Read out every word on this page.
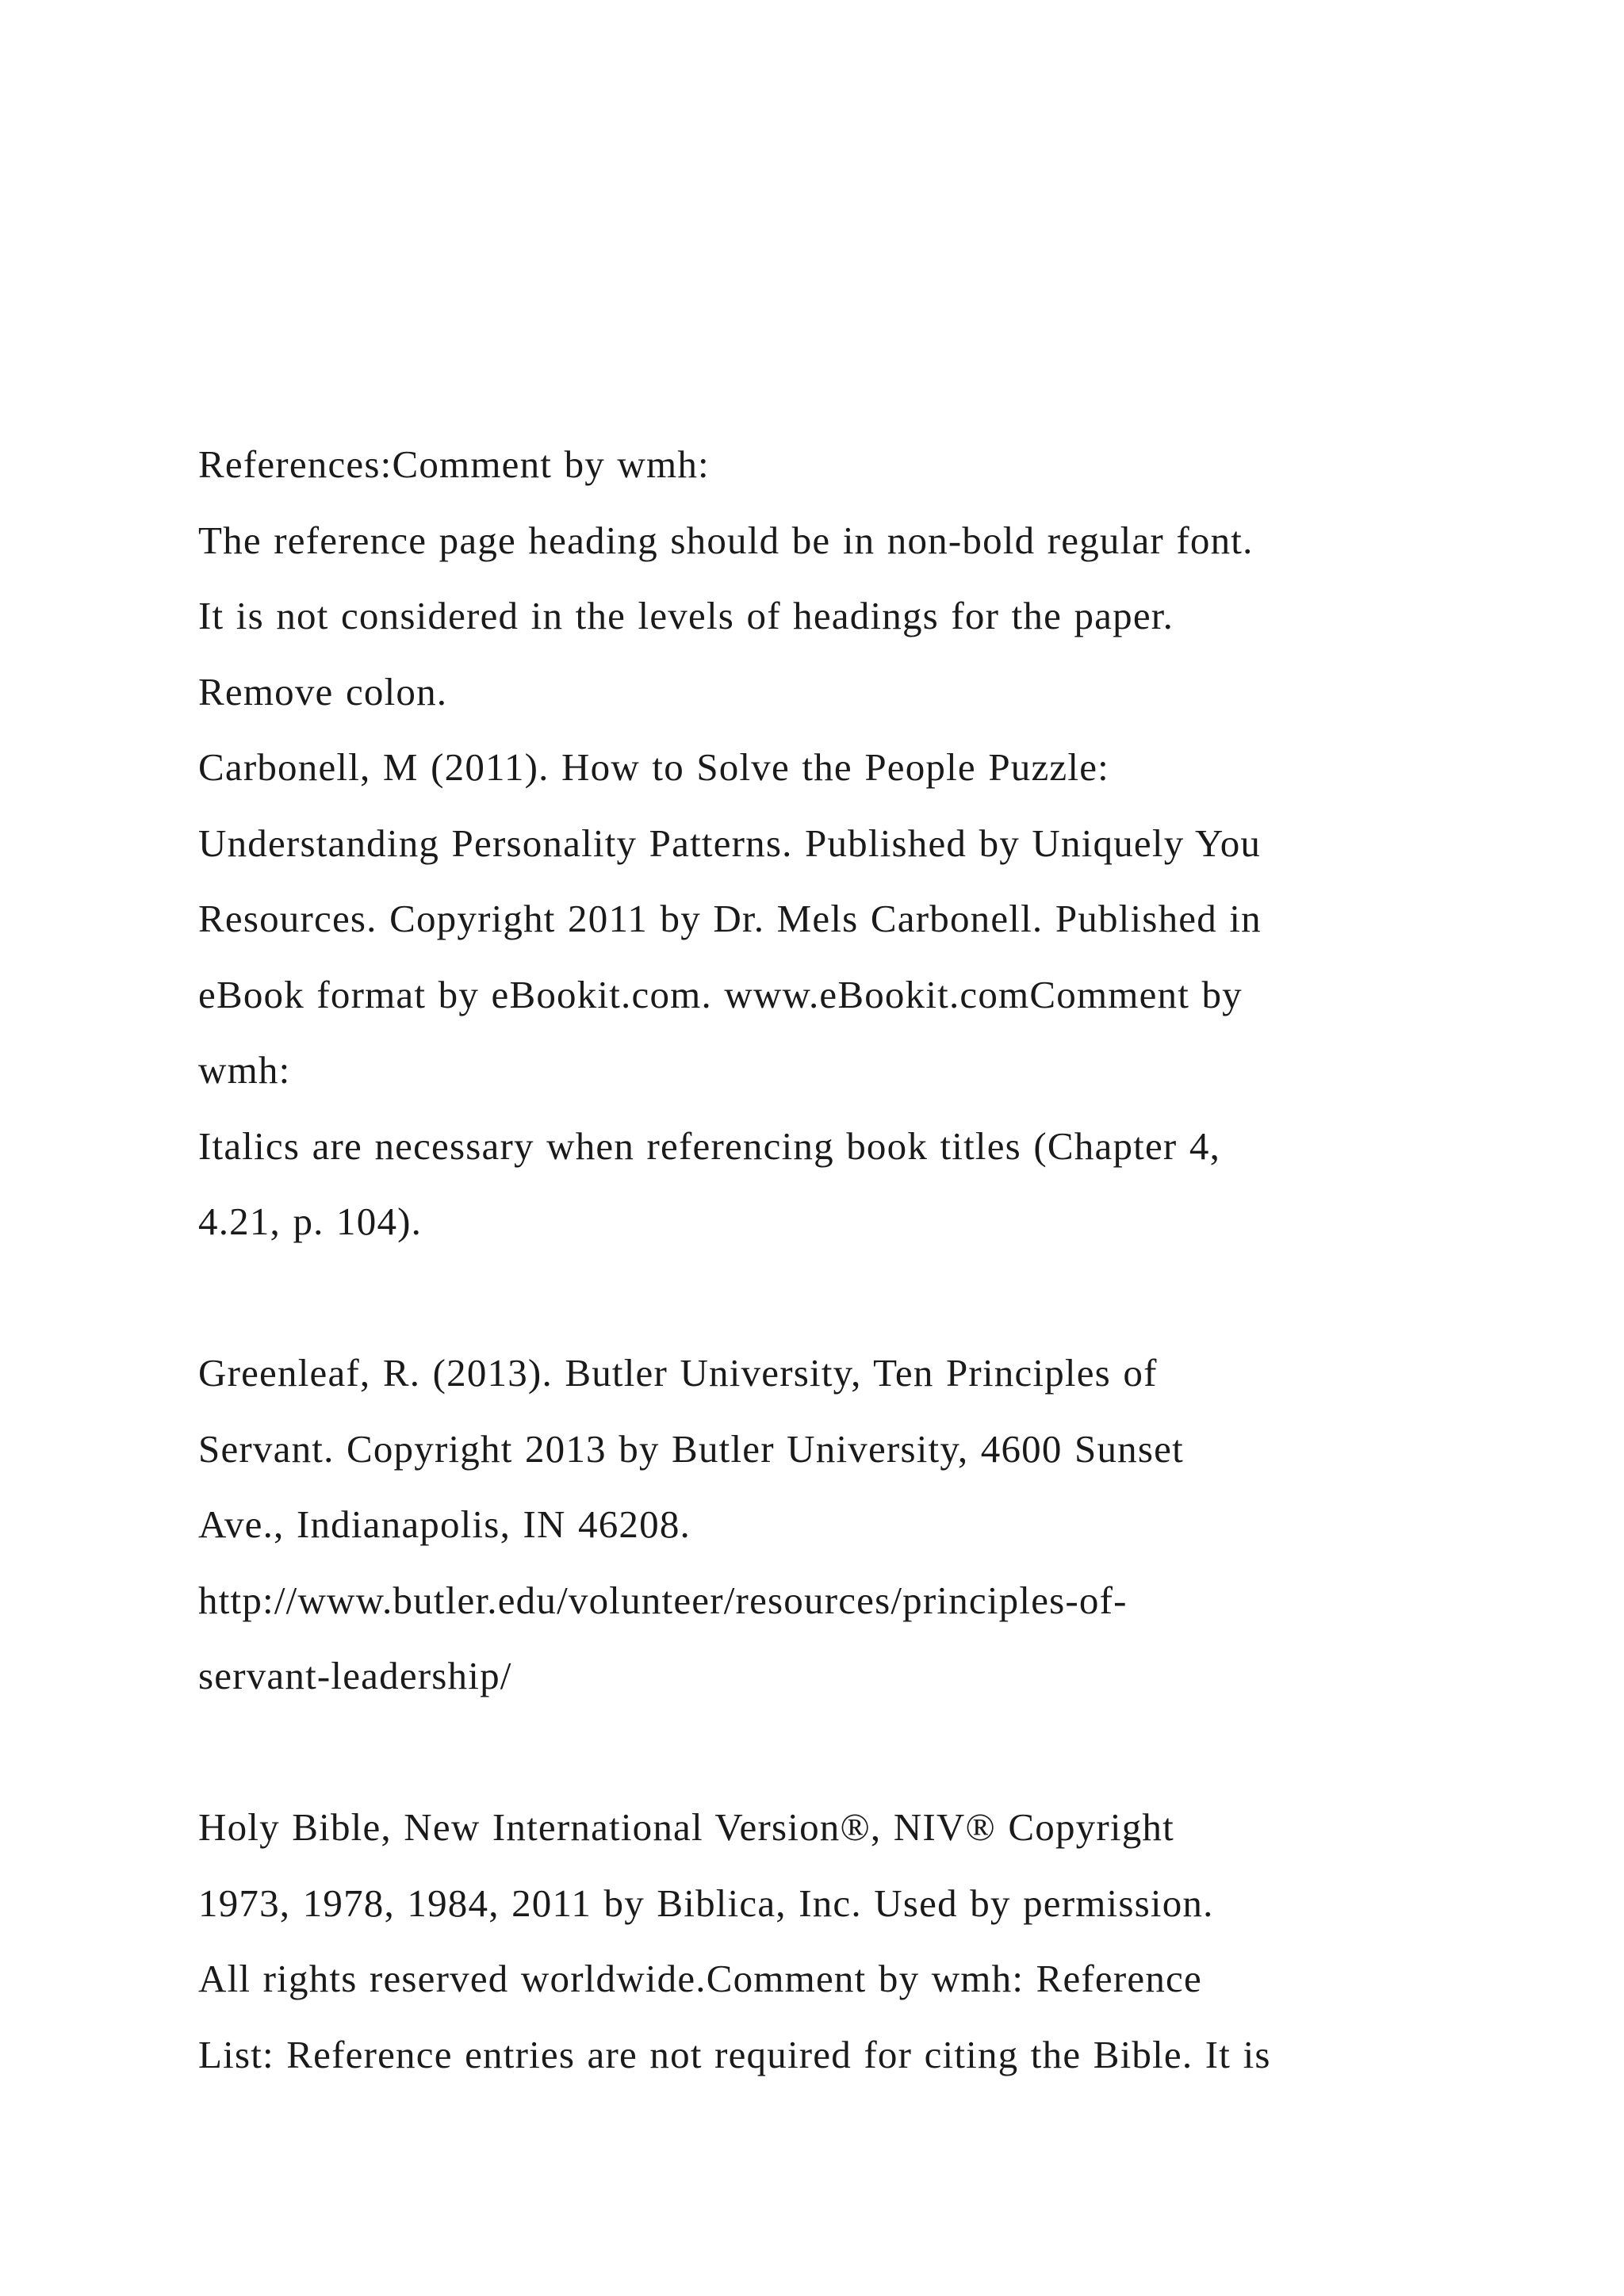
References:Comment by wmh:
The reference page heading should be in non-bold regular font.
It is not considered in the levels of headings for the paper.
Remove colon.
Carbonell, M (2011). How to Solve the People Puzzle:
Understanding Personality Patterns. Published by Uniquely You
Resources. Copyright 2011 by Dr. Mels Carbonell. Published in
eBook format by eBookit.com. www.eBookit.comComment by
wmh:
Italics are necessary when referencing book titles (Chapter 4,
4.21, p. 104).
Greenleaf, R. (2013). Butler University, Ten Principles of
Servant. Copyright 2013 by Butler University, 4600 Sunset
Ave., Indianapolis, IN 46208.
http://www.butler.edu/volunteer/resources/principles-of-
servant-leadership/
Holy Bible, New International Version®, NIV® Copyright
1973, 1978, 1984, 2011 by Biblica, Inc. Used by permission.
All rights reserved worldwide.Comment by wmh: Reference
List: Reference entries are not required for citing the Bible. It is
